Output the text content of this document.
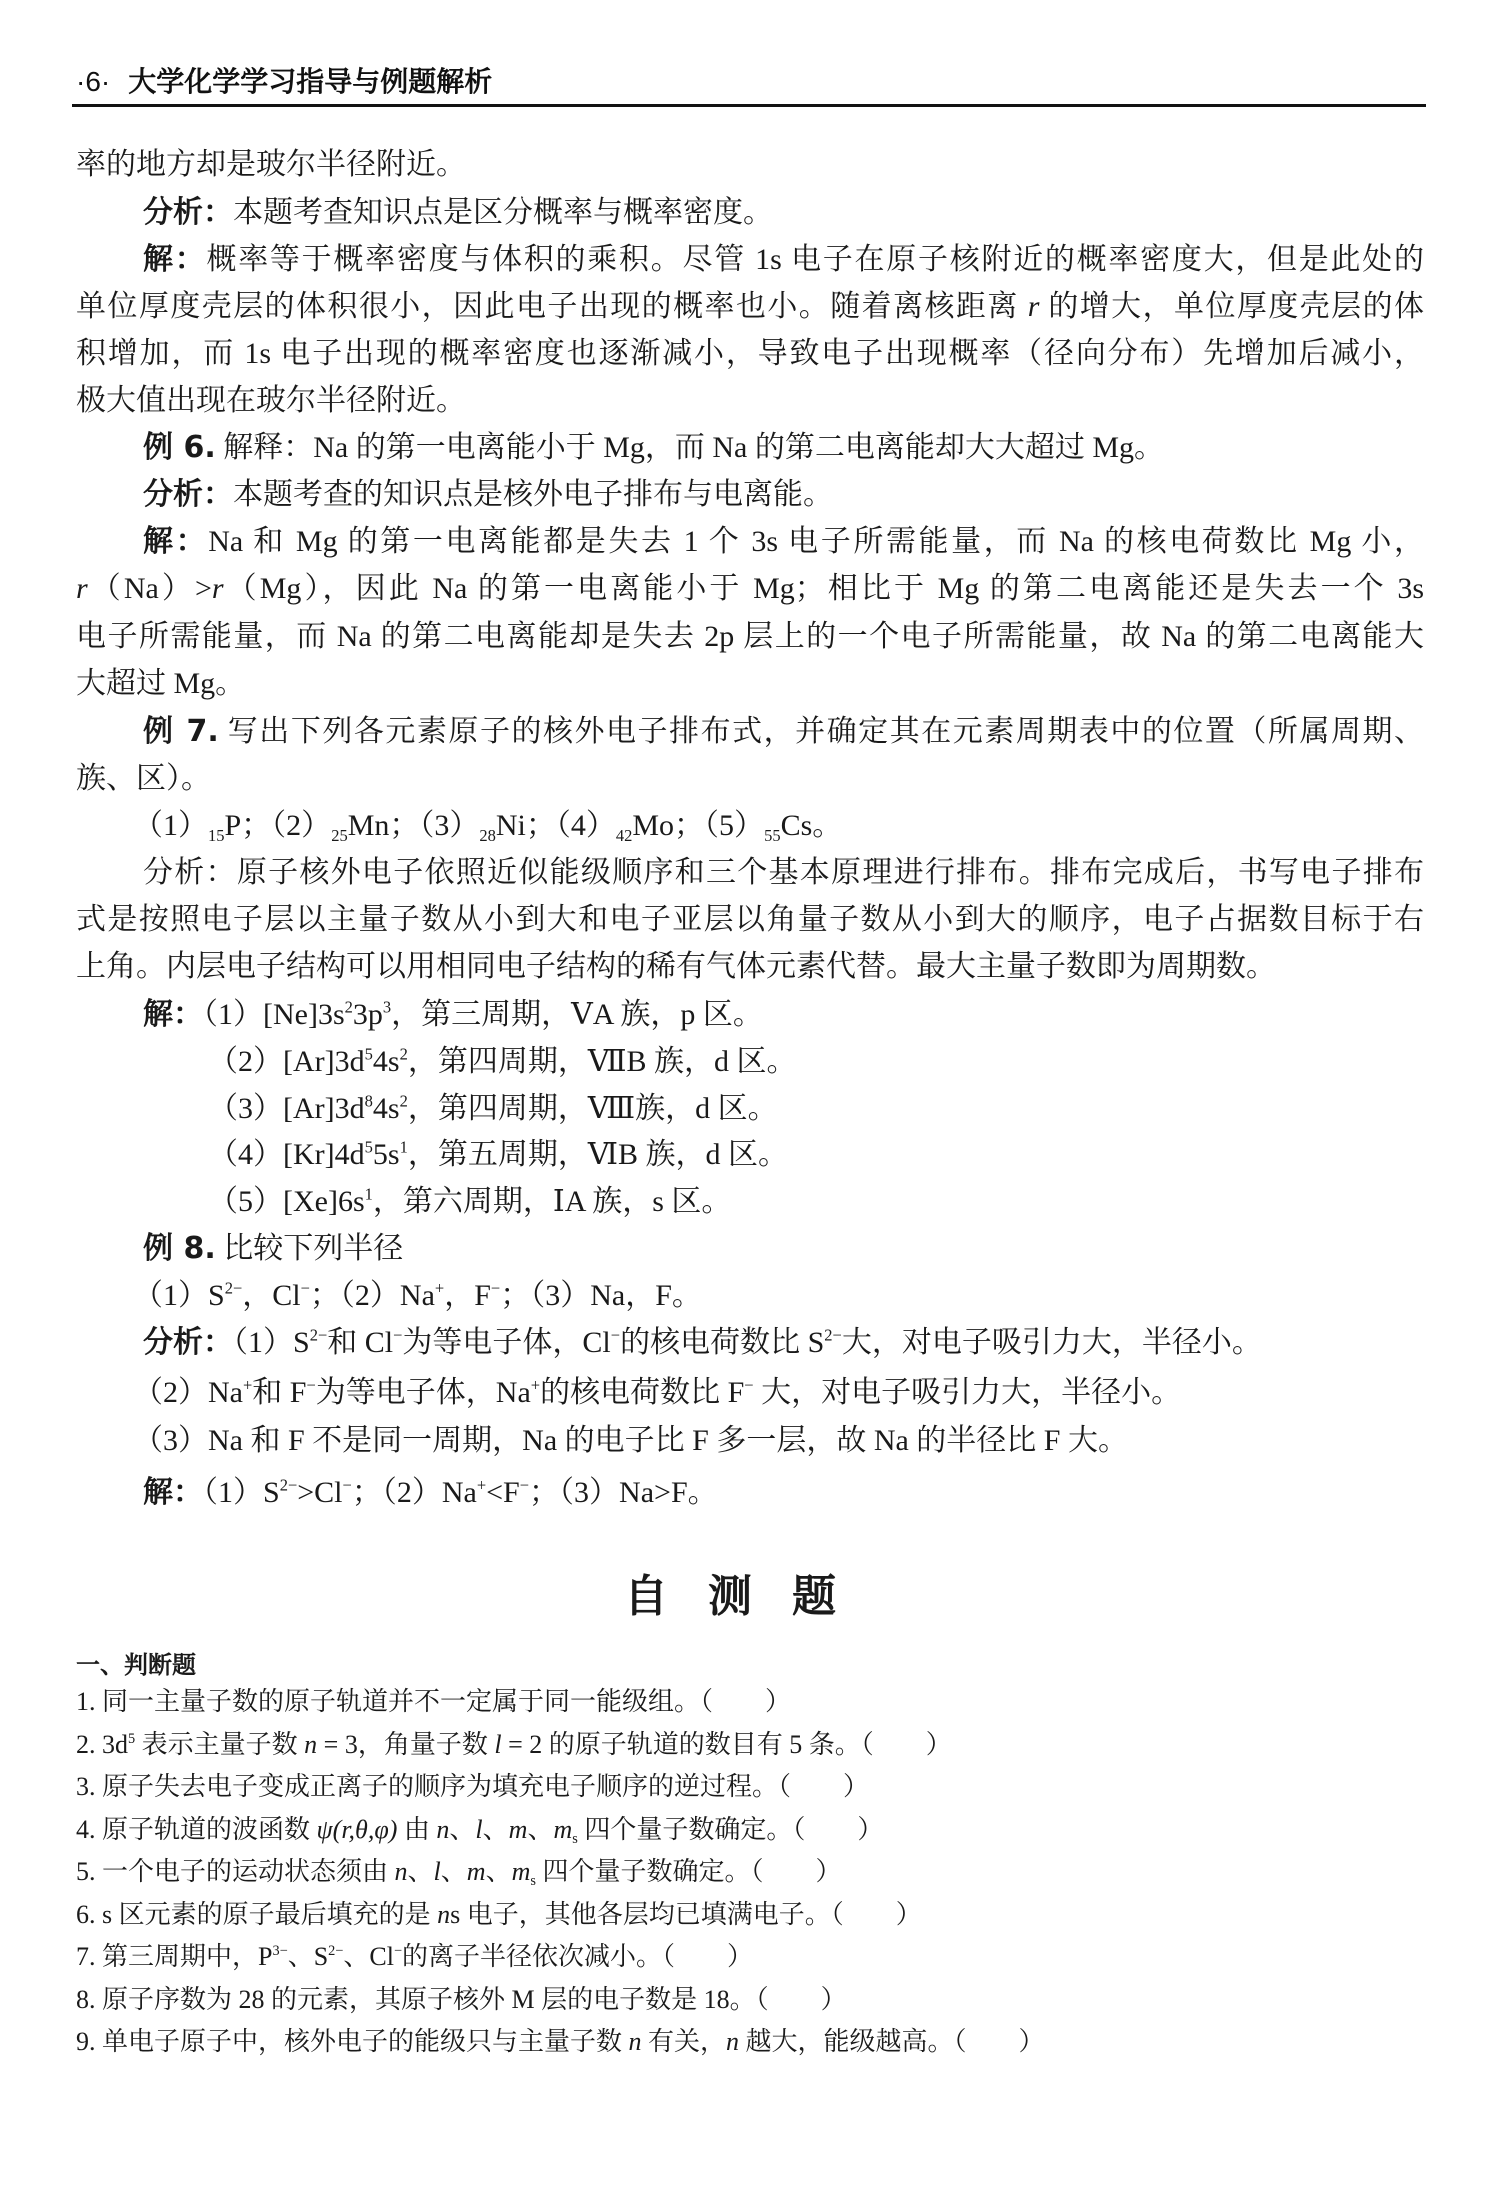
·6· 大学化学学习指导与例题解析
率的地方却是玻尔半径附近。
分析：本题考查知识点是区分概率与概率密度。
解：概率等于概率密度与体积的乘积。尽管 1s 电子在原子核附近的概率密度大，但是此处的
单位厚度壳层的体积很小，因此电子出现的概率也小。随着离核距离 r 的增大，单位厚度壳层的体
积增加，而 1s 电子出现的概率密度也逐渐减小，导致电子出现概率（径向分布）先增加后减小，
极大值出现在玻尔半径附近。
例 6. 解释：Na 的第一电离能小于 Mg，而 Na 的第二电离能却大大超过 Mg。
分析：本题考查的知识点是核外电子排布与电离能。
解：Na 和 Mg 的第一电离能都是失去 1 个 3s 电子所需能量，而 Na 的核电荷数比 Mg 小，
r（Na）>r（Mg），因此 Na 的第一电离能小于 Mg；相比于 Mg 的第二电离能还是失去一个 3s
电子所需能量，而 Na 的第二电离能却是失去 2p 层上的一个电子所需能量，故 Na 的第二电离能大
大超过 Mg。
例 7. 写出下列各元素原子的核外电子排布式，并确定其在元素周期表中的位置（所属周期、
族、区）。
$(1)_{15}P$；$(2)_{25}Mn$；$(3)_{28}Ni$；$(4)_{42}Mo$；$(5)_{55}Cs$。
分析：原子核外电子依照近似能级顺序和三个基本原理进行排布。排布完成后，书写电子排布
式是按照电子层以主量子数从小到大和电子亚层以角量子数从小到大的顺序，电子占据数目标于右
上角。内层电子结构可以用相同电子结构的稀有气体元素代替。最大主量子数即为周期数。
解：$(1)[Ne]3s^23p^3$，第三周期，ⅤA 族，p 区。
$(2)[Ar]3d^54s^2$，第四周期，ⅦB 族，d 区。
$(3)[Ar]3d^84s^2$，第四周期，Ⅷ族，d 区。
$(4)[Kr]4d^55s^1$，第五周期，ⅥB 族，d 区。
$(5)[Xe]6s^1$，第六周期，ⅠA 族，s 区。
例 8. 比较下列半径
$(1)S^{2-}$，Cl−；（2）Na+，F−；（3）Na，F。
分析：$(1)S^{2-}$和 Cl−为等电子体，Cl−的核电荷数比 $S^{2-}$大，对电子吸引力大，半径小。
（2）Na+和 F−为等电子体，Na+的核电荷数比 F− 大，对电子吸引力大，半径小。
（3）Na 和 F 不是同一周期，Na 的电子比 F 多一层，故 Na 的半径比 F 大。
解：$(1)S^{2-}>Cl^-$；（2）Na+<F−；（3）Na>F。
自测题
一、判断题
1. 同一主量子数的原子轨道并不一定属于同一能级组。（　　）
2. $3d^5$ 表示主量子数 n = 3，角量子数 l = 2 的原子轨道的数目有 5 条。（　　）
3. 原子失去电子变成正离子的顺序为填充电子顺序的逆过程。（　　）
4. 原子轨道的波函数 ψ(r,θ,φ) 由 n、l、m、$m_s$ 四个量子数确定。（　　）
5. 一个电子的运动状态须由 n、l、m、$m_s$ 四个量子数确定。（　　）
6. s 区元素的原子最后填充的是 ns 电子，其他各层均已填满电子。（　　）
7. 第三周期中，$P^{3-}$、$S^{2-}$、Cl−的离子半径依次减小。（　　）
8. 原子序数为 28 的元素，其原子核外 M 层的电子数是 18。（　　）
9. 单电子原子中，核外电子的能级只与主量子数 n 有关，n 越大，能级越高。（　　）
